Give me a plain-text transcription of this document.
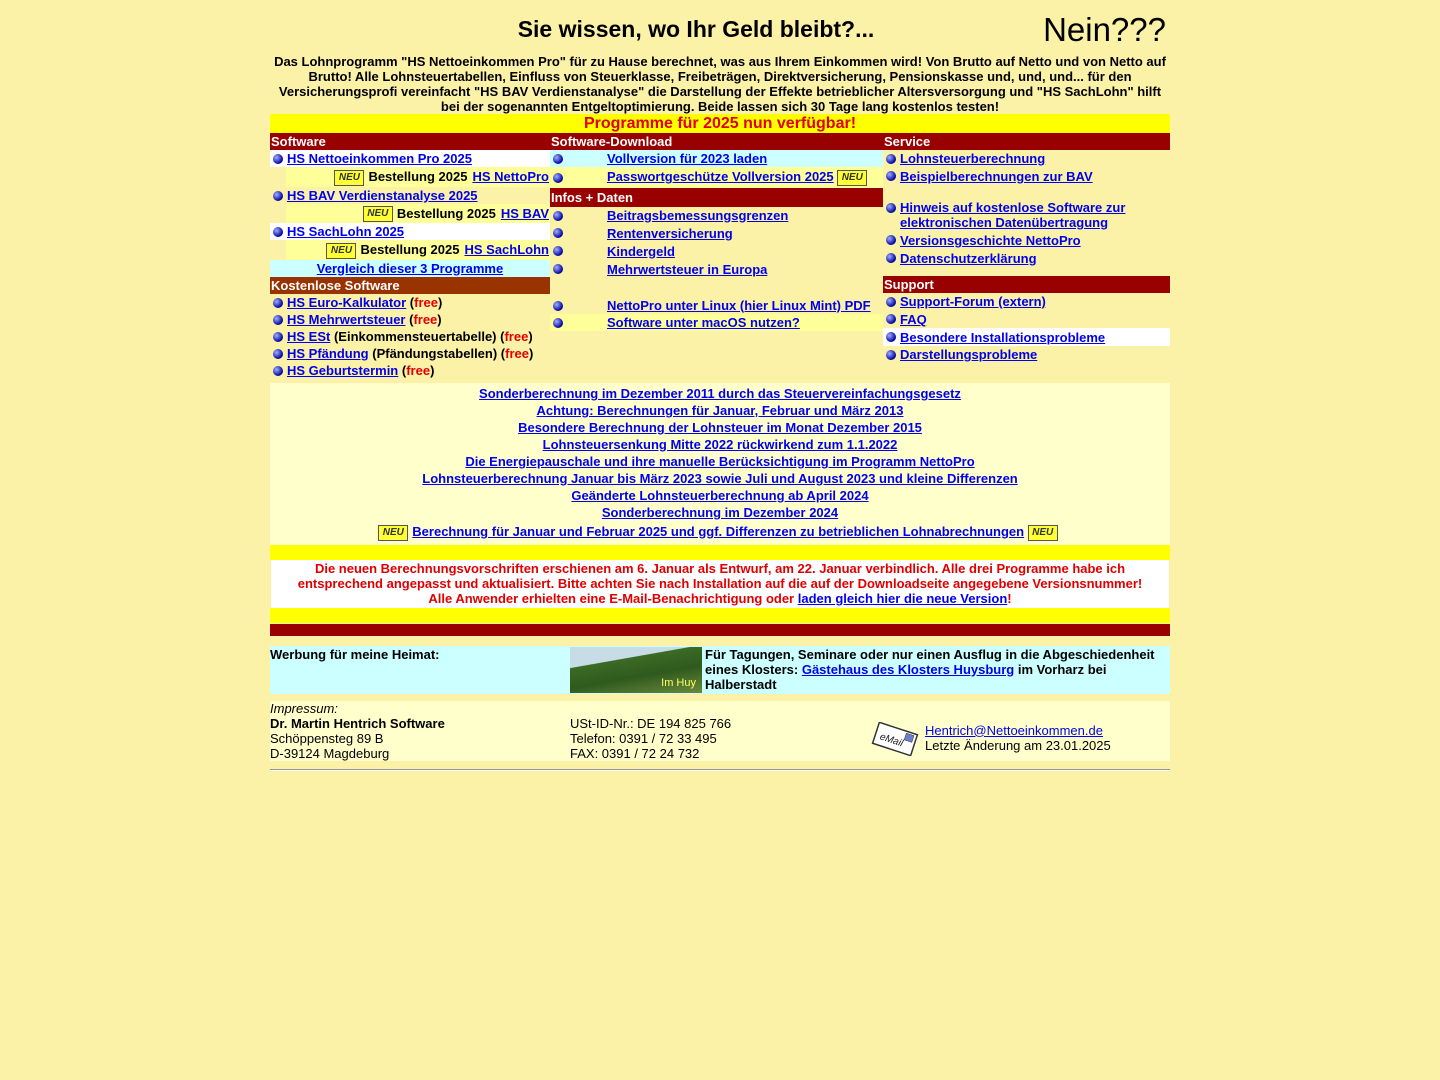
Sie wissen, wo Ihr Geld bleibt?...	Nein???
Das Lohnprogramm "HS Nettoeinkommen Pro" für zu Hause berechnet, was aus Ihrem Einkommen wird! Von Brutto auf Netto und von Netto auf Brutto! Alle Lohnsteuertabellen, Einfluss von Steuerklasse, Freibeträgen, Direktversicherung, Pensionskasse und, und, und... für den Versicherungsprofi vereinfacht "HS BAV Verdienstanalyse" die Darstellung der Effekte betrieblicher Altersversorgung und "HS SachLohn" hilft bei der sogenannten Entgeltoptimierung. Beide lassen sich 30 Tage lang kostenlos testen!
Programme für 2025 nun verfügbar!
Software
HS Nettoeinkommen Pro 2025
NEU Bestellung 2025 HS NettoPro
HS BAV Verdienstanalyse 2025
NEU Bestellung 2025 HS BAV
HS SachLohn 2025
NEU Bestellung 2025 HS SachLohn
Vergleich dieser 3 Programme
Kostenlose Software
HS Euro-Kalkulator (free)
HS Mehrwertsteuer (free)
HS ESt (Einkommensteuertabelle) (free)
HS Pfändung (Pfändungstabellen) (free)
HS Geburtstermin (free)
Software-Download
Vollversion für 2023 laden
Passwortgeschütze Vollversion 2025 NEU
Infos + Daten
Beitragsbemessungsgrenzen
Rentenversicherung
Kindergeld
Mehrwertsteuer in Europa
NettoPro unter Linux (hier Linux Mint) PDF
Software unter macOS nutzen?
Service
Lohnsteuerberechnung
Beispielberechnungen zur BAV
Hinweis auf kostenlose Software zur elektronischen Datenübertragung
Versionsgeschichte NettoPro
Datenschutzerklärung
Support
Support-Forum (extern)
FAQ
Besondere Installationsprobleme
Darstellungsprobleme
Sonderberechnung im Dezember 2011 durch das Steuervereinfachungsgesetz
Achtung: Berechnungen für Januar, Februar und März 2013
Besondere Berechnung der Lohnsteuer im Monat Dezember 2015
Lohnsteuersenkung Mitte 2022 rückwirkend zum 1.1.2022
Die Energiepauschale und ihre manuelle Berücksichtigung im Programm NettoPro
Lohnsteuerberechnung Januar bis März 2023 sowie Juli und August 2023 und kleine Differenzen
Geänderte Lohnsteuerberechnung ab April 2024
Sonderberechnung im Dezember 2024
NEU Berechnung für Januar und Februar 2025 und ggf. Differenzen zu betrieblichen Lohnabrechnungen NEU
Die neuen Berechnungsvorschriften erschienen am 6. Januar als Entwurf, am 22. Januar verbindlich. Alle drei Programme habe ich entsprechend angepasst und aktualisiert. Bitte achten Sie nach Installation auf die auf der Downloadseite angegebene Versionsnummer!
Alle Anwender erhielten eine E-Mail-Benachrichtigung oder laden gleich hier die neue Version!
Werbung für meine Heimat:
Im Huy
Für Tagungen, Seminare oder nur einen Ausflug in die Abgeschiedenheit eines Klosters: Gästehaus des Klosters Huysburg im Vorharz bei Halberstadt
Impressum:
Dr. Martin Hentrich Software
Schöppensteg 89 B
D-39124 Magdeburg
USt-ID-Nr.: DE 194 825 766
Telefon: 0391 / 72 33 495
FAX: 0391 / 72 24 732
eMail
Hentrich@Nettoeinkommen.de
Letzte Änderung am 23.01.2025
